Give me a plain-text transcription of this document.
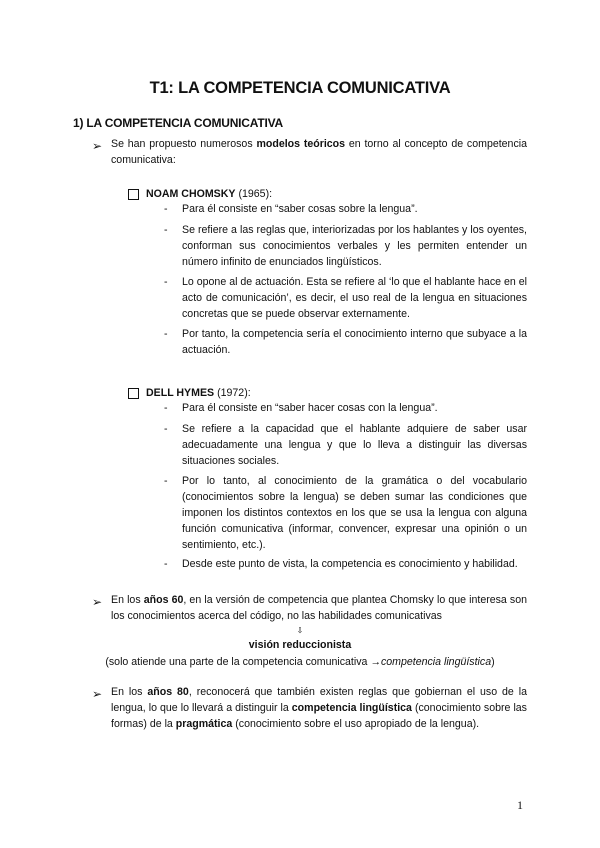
T1: LA COMPETENCIA COMUNICATIVA
1) LA COMPETENCIA COMUNICATIVA
➢ Se han propuesto numerosos modelos teóricos en torno al concepto de competencia comunicativa:
NOAM CHOMSKY (1965):
- Para él consiste en “saber cosas sobre la lengua”.
- Se refiere a las reglas que, interiorizadas por los hablantes y los oyentes, conforman sus conocimientos verbales y les permiten entender un número infinito de enunciados lingüísticos.
- Lo opone al de actuación. Esta se refiere al ‘lo que el hablante hace en el acto de comunicación’, es decir, el uso real de la lengua en situaciones concretas que se puede observar externamente.
- Por tanto, la competencia sería el conocimiento interno que subyace a la actuación.
DELL HYMES (1972):
- Para él consiste en “saber hacer cosas con la lengua”.
- Se refiere a la capacidad que el hablante adquiere de saber usar adecuadamente una lengua y que lo lleva a distinguir las diversas situaciones sociales.
- Por lo tanto, al conocimiento de la gramática o del vocabulario (conocimientos sobre la lengua) se deben sumar las condiciones que imponen los distintos contextos en los que se usa la lengua con alguna función comunicativa (informar, convencer, expresar una opinión o un sentimiento, etc.).
- Desde este punto de vista, la competencia es conocimiento y habilidad.
➢ En los años 60, en la versión de competencia que plantea Chomsky lo que interesa son los conocimientos acerca del código, no las habilidades comunicativas
⇩
visión reduccionista
(solo atiende una parte de la competencia comunicativa →competencia lingüística)
➢ En los años 80, reconocerá que también existen reglas que gobiernan el uso de la lengua, lo que lo llevará a distinguir la competencia lingüística (conocimiento sobre las formas) de la pragmática (conocimiento sobre el uso apropiado de la lengua).
1
